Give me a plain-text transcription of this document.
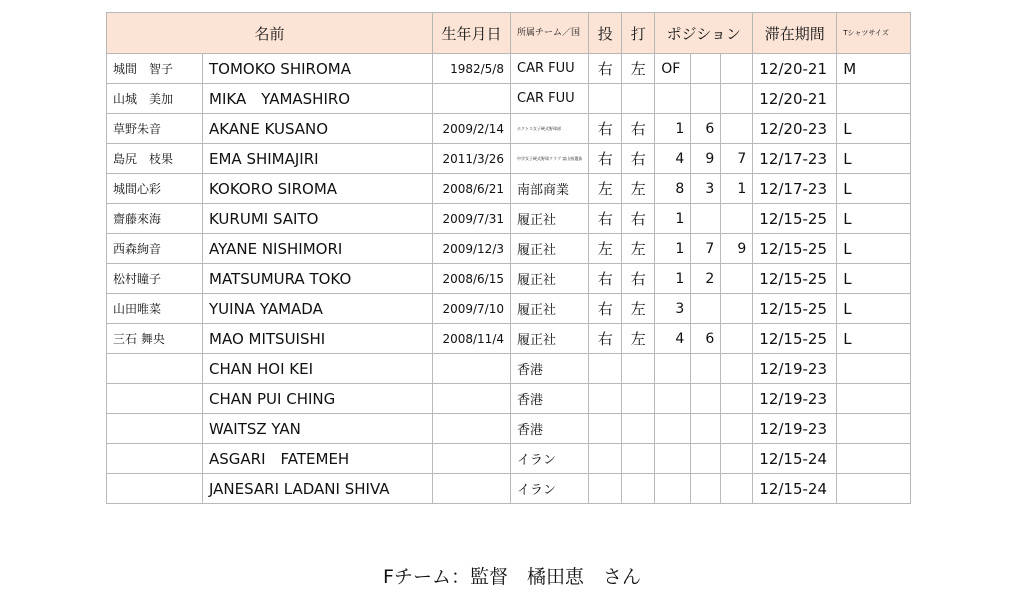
名前		生年月日	所属チーム／国	投	打	ポジション			滞在期間	Tシャツサイズ
城間　智子	TOMOKO SHIROMA	1982/5/8	CAR FUU	右	左	OF			12/20-21	M
山城　美加	MIKA　YAMASHIRO		CAR FUU						12/20-21	
草野朱音	AKANE KUSANO	2009/2/14	ホクトス女子硬式野球部	右	右	1	6		12/20-23	L
島尻　枝果	EMA SHIMAJIRI	2011/3/26	中学女子硬式野球クラブ 富山県選抜	右	右	4	9	7	12/17-23	L
城間心彩	KOKORO SIROMA	2008/6/21	南部商業	左	左	8	3	1	12/17-23	L
齋藤來海	KURUMI SAITO	2009/7/31	履正社	右	右	1			12/15-25	L
西森絢音	AYANE NISHIMORI	2009/12/3	履正社	左	左	1	7	9	12/15-25	L
松村瞳子	MATSUMURA TOKO	2008/6/15	履正社	右	右	1	2		12/15-25	L
山田唯菜	YUINA YAMADA	2009/7/10	履正社	右	左	3			12/15-25	L
三石 舞央	MAO MITSUISHI	2008/11/4	履正社	右	左	4	6		12/15-25	L
	CHAN HOI KEI		香港						12/19-23	
	CHAN PUI CHING		香港						12/19-23	
	WAITSZ YAN		香港						12/19-23	
	ASGARI　FATEMEH		イラン						12/15-24	
	JANESARI LADANI SHIVA		イラン						12/15-24	
Fチーム：監督　橘田恵　さん
